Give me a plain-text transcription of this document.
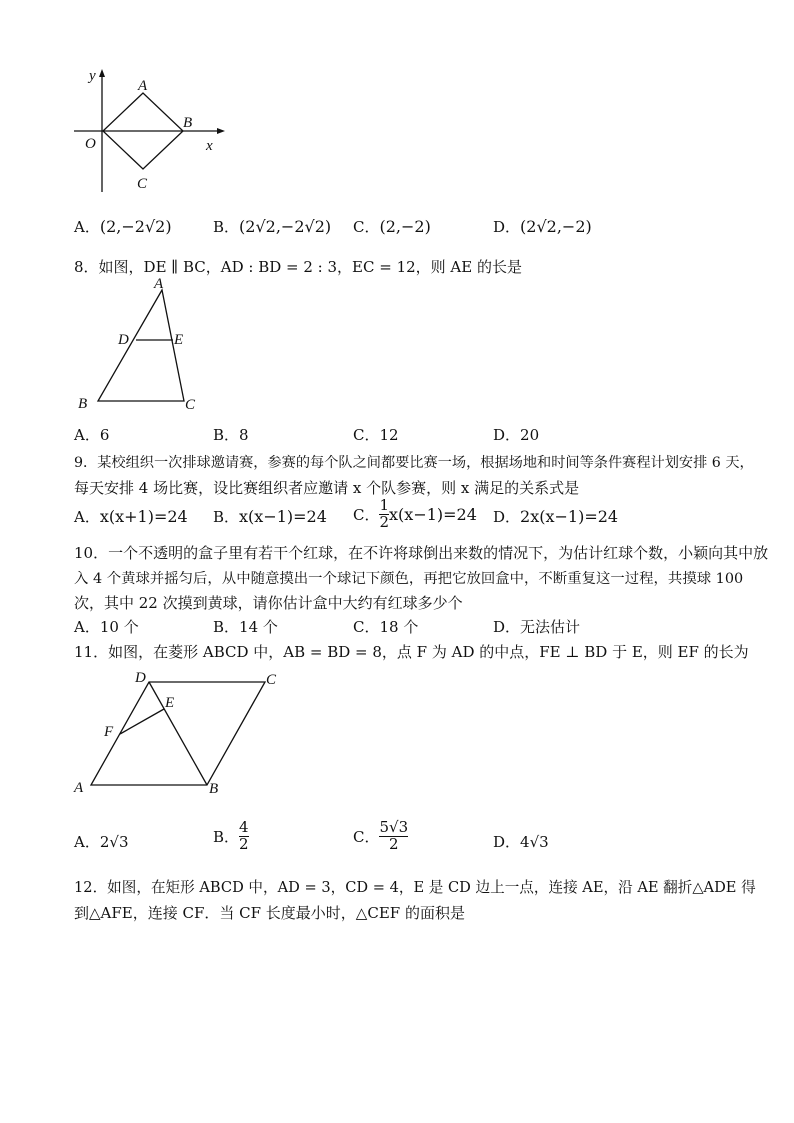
y
A
O
B
x
C
A．(2,−2√2)	B．(2√2,−2√2) C．(2,−2)	D．(2√2,−2)
8．如图，DE ∥ BC，AD : BD = 2 : 3，EC = 12，则 AE 的长是
A
D	E
B	C
A．6	B．8	C．12	D．20
9．某校组织一次排球邀请赛，参赛的每个队之间都要比赛一场，根据场地和时间等条件赛程计划安排 6 天，
每天安排 4 场比赛，设比赛组织者应邀请 x 个队参赛，则 x 满足的关系式是
A．x(x+1)=24 B．x(x−1)=24 C． $\frac{1}{2} x(x-1)=24$ D．2x(x−1)=24
10．一个不透明的盒子里有若干个红球，在不许将球倒出来数的情况下，为估计红球个数，小颖向其中放
入 4 个黄球并摇匀后，从中随意摸出一个球记下颜色，再把它放回盒中，不断重复这一过程，共摸球 100
次，其中 22 次摸到黄球，请你估计盒中大约有红球多少个
A．10 个	B．14 个	C．18 个	D．无法估计
11．如图，在菱形 ABCD 中，AB = BD = 8，点 F 为 AD 的中点，FE ⊥ BD 于 E，则 EF 的长为
D	C
E
F
A	B
A．2√3	B． $\frac{4}{2}$	C． $\frac{5√3}{2}$	D．4√3
12．如图，在矩形 ABCD 中，AD = 3，CD = 4，E 是 CD 边上一点，连接 AE，沿 AE 翻折△ADE 得
到△AFE，连接 CF．当 CF 长度最小时，△CEF 的面积是
